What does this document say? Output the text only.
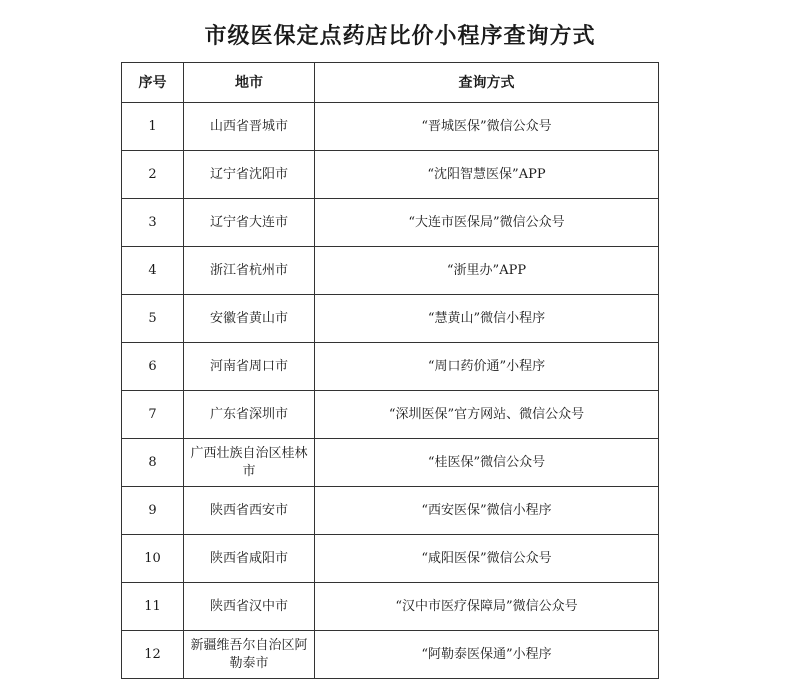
市级医保定点药店比价小程序查询方式
序号	地市	查询方式
1	山西省晋城市	“晋城医保”微信公众号
2	辽宁省沈阳市	“沈阳智慧医保”APP
3	辽宁省大连市	“大连市医保局”微信公众号
4	浙江省杭州市	“浙里办”APP
5	安徽省黄山市	“慧黄山”微信小程序
6	河南省周口市	“周口药价通”小程序
7	广东省深圳市	“深圳医保”官方网站、微信公众号
8	广西壮族自治区桂林市	“桂医保”微信公众号
9	陕西省西安市	“西安医保”微信小程序
10	陕西省咸阳市	“咸阳医保”微信公众号
11	陕西省汉中市	“汉中市医疗保障局”微信公众号
12	新疆维吾尔自治区阿勒泰市	“阿勒泰医保通”小程序
